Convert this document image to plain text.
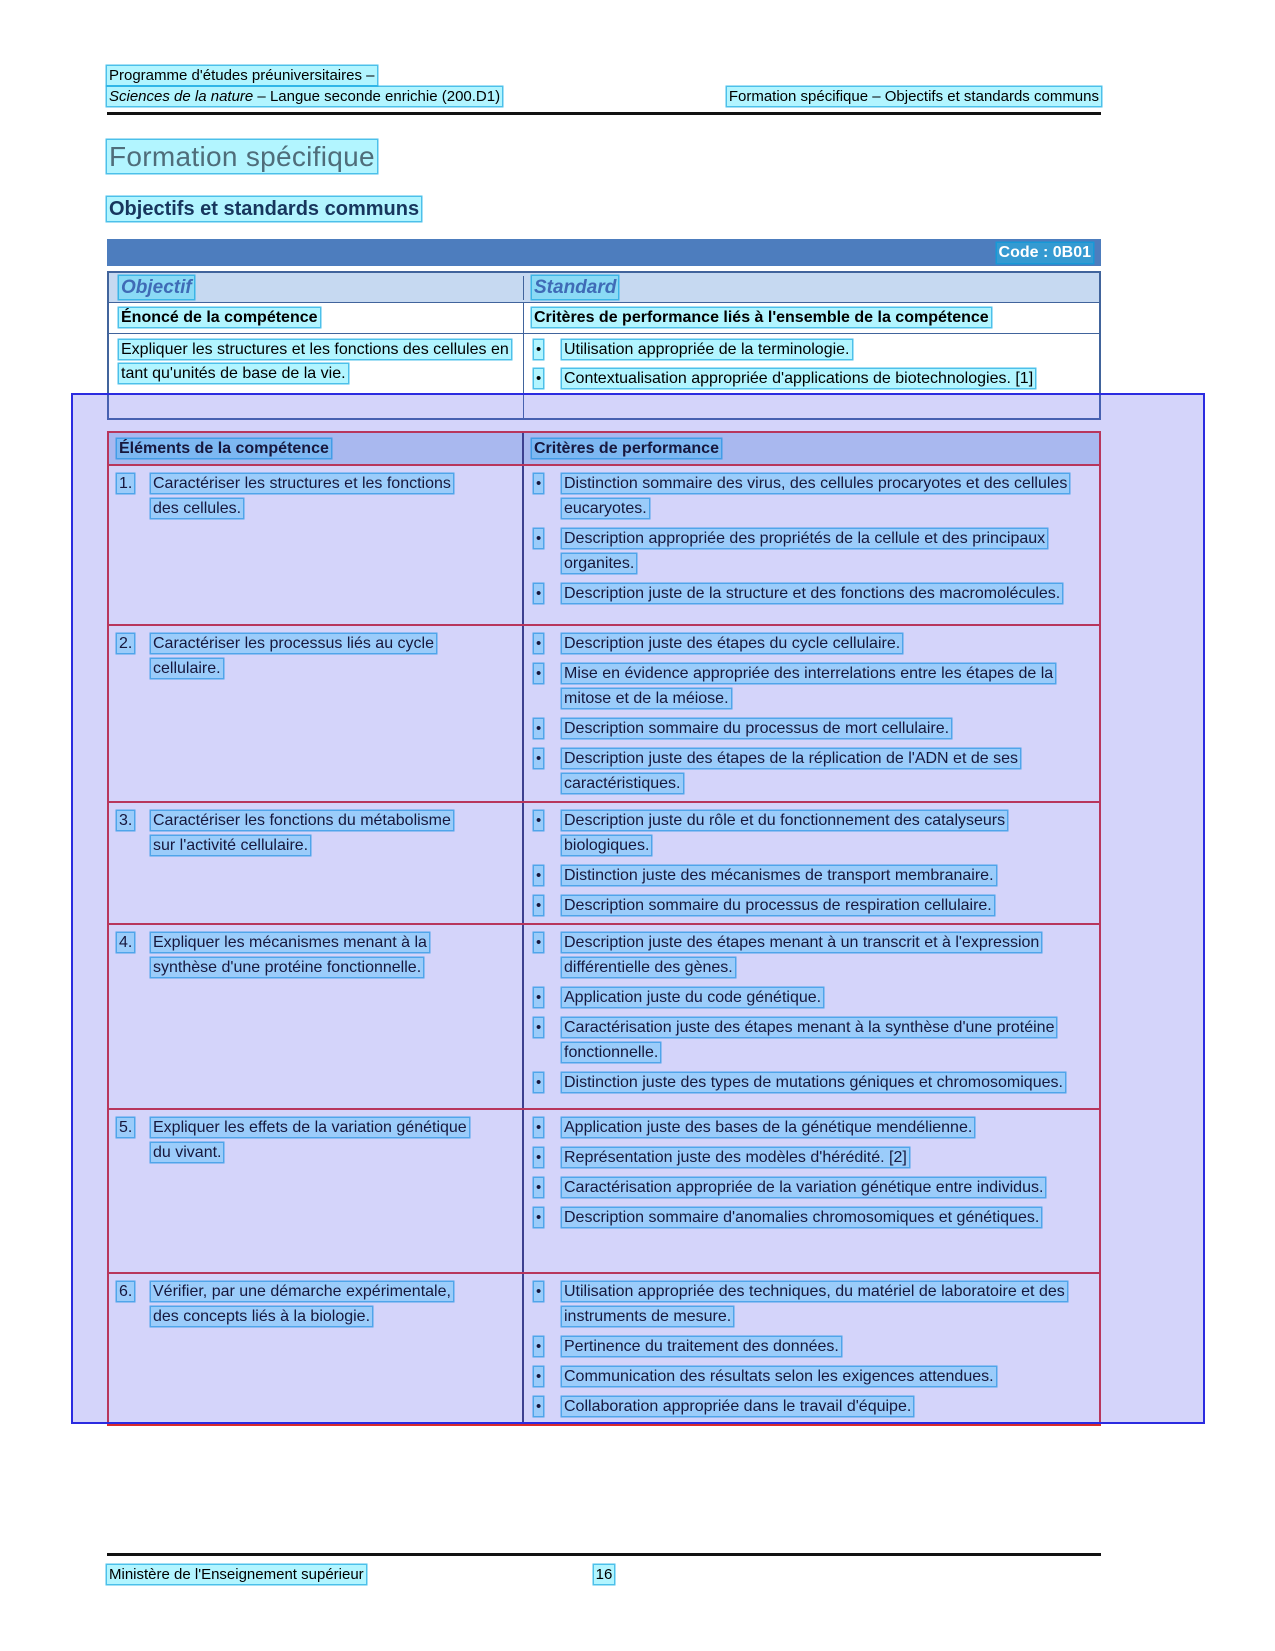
Programme d'études préuniversitaires –
Sciences de la nature – Langue seconde enrichie (200.D1)	Formation spécifique – Objectifs et standards communs
Formation spécifique
Objectifs et standards communs
Code : 0B01
Objectif	Standard
Énoncé de la compétence	Critères de performance liés à l'ensemble de la compétence
Expliquer les structures et les fonctions des cellules en tant qu'unités de base de la vie.
•	Utilisation appropriée de la terminologie.
•	Contextualisation appropriée d'applications de biotechnologies. [1]
Éléments de la compétence	Critères de performance
1.	Caractériser les structures et les fonctions des cellules.
•	Distinction sommaire des virus, des cellules procaryotes et des cellules eucaryotes.
•	Description appropriée des propriétés de la cellule et des principaux organites.
•	Description juste de la structure et des fonctions des macromolécules.
2.	Caractériser les processus liés au cycle cellulaire.
•	Description juste des étapes du cycle cellulaire.
•	Mise en évidence appropriée des interrelations entre les étapes de la mitose et de la méiose.
•	Description sommaire du processus de mort cellulaire.
•	Description juste des étapes de la réplication de l'ADN et de ses caractéristiques.
3.	Caractériser les fonctions du métabolisme sur l'activité cellulaire.
•	Description juste du rôle et du fonctionnement des catalyseurs biologiques.
•	Distinction juste des mécanismes de transport membranaire.
•	Description sommaire du processus de respiration cellulaire.
4.	Expliquer les mécanismes menant à la synthèse d'une protéine fonctionnelle.
•	Description juste des étapes menant à un transcrit et à l'expression différentielle des gènes.
•	Application juste du code génétique.
•	Caractérisation juste des étapes menant à la synthèse d'une protéine fonctionnelle.
•	Distinction juste des types de mutations géniques et chromosomiques.
5.	Expliquer les effets de la variation génétique du vivant.
•	Application juste des bases de la génétique mendélienne.
•	Représentation juste des modèles d'hérédité. [2]
•	Caractérisation appropriée de la variation génétique entre individus.
•	Description sommaire d'anomalies chromosomiques et génétiques.
6.	Vérifier, par une démarche expérimentale, des concepts liés à la biologie.
•	Utilisation appropriée des techniques, du matériel de laboratoire et des instruments de mesure.
•	Pertinence du traitement des données.
•	Communication des résultats selon les exigences attendues.
•	Collaboration appropriée dans le travail d'équipe.
Ministère de l'Enseignement supérieur	16
